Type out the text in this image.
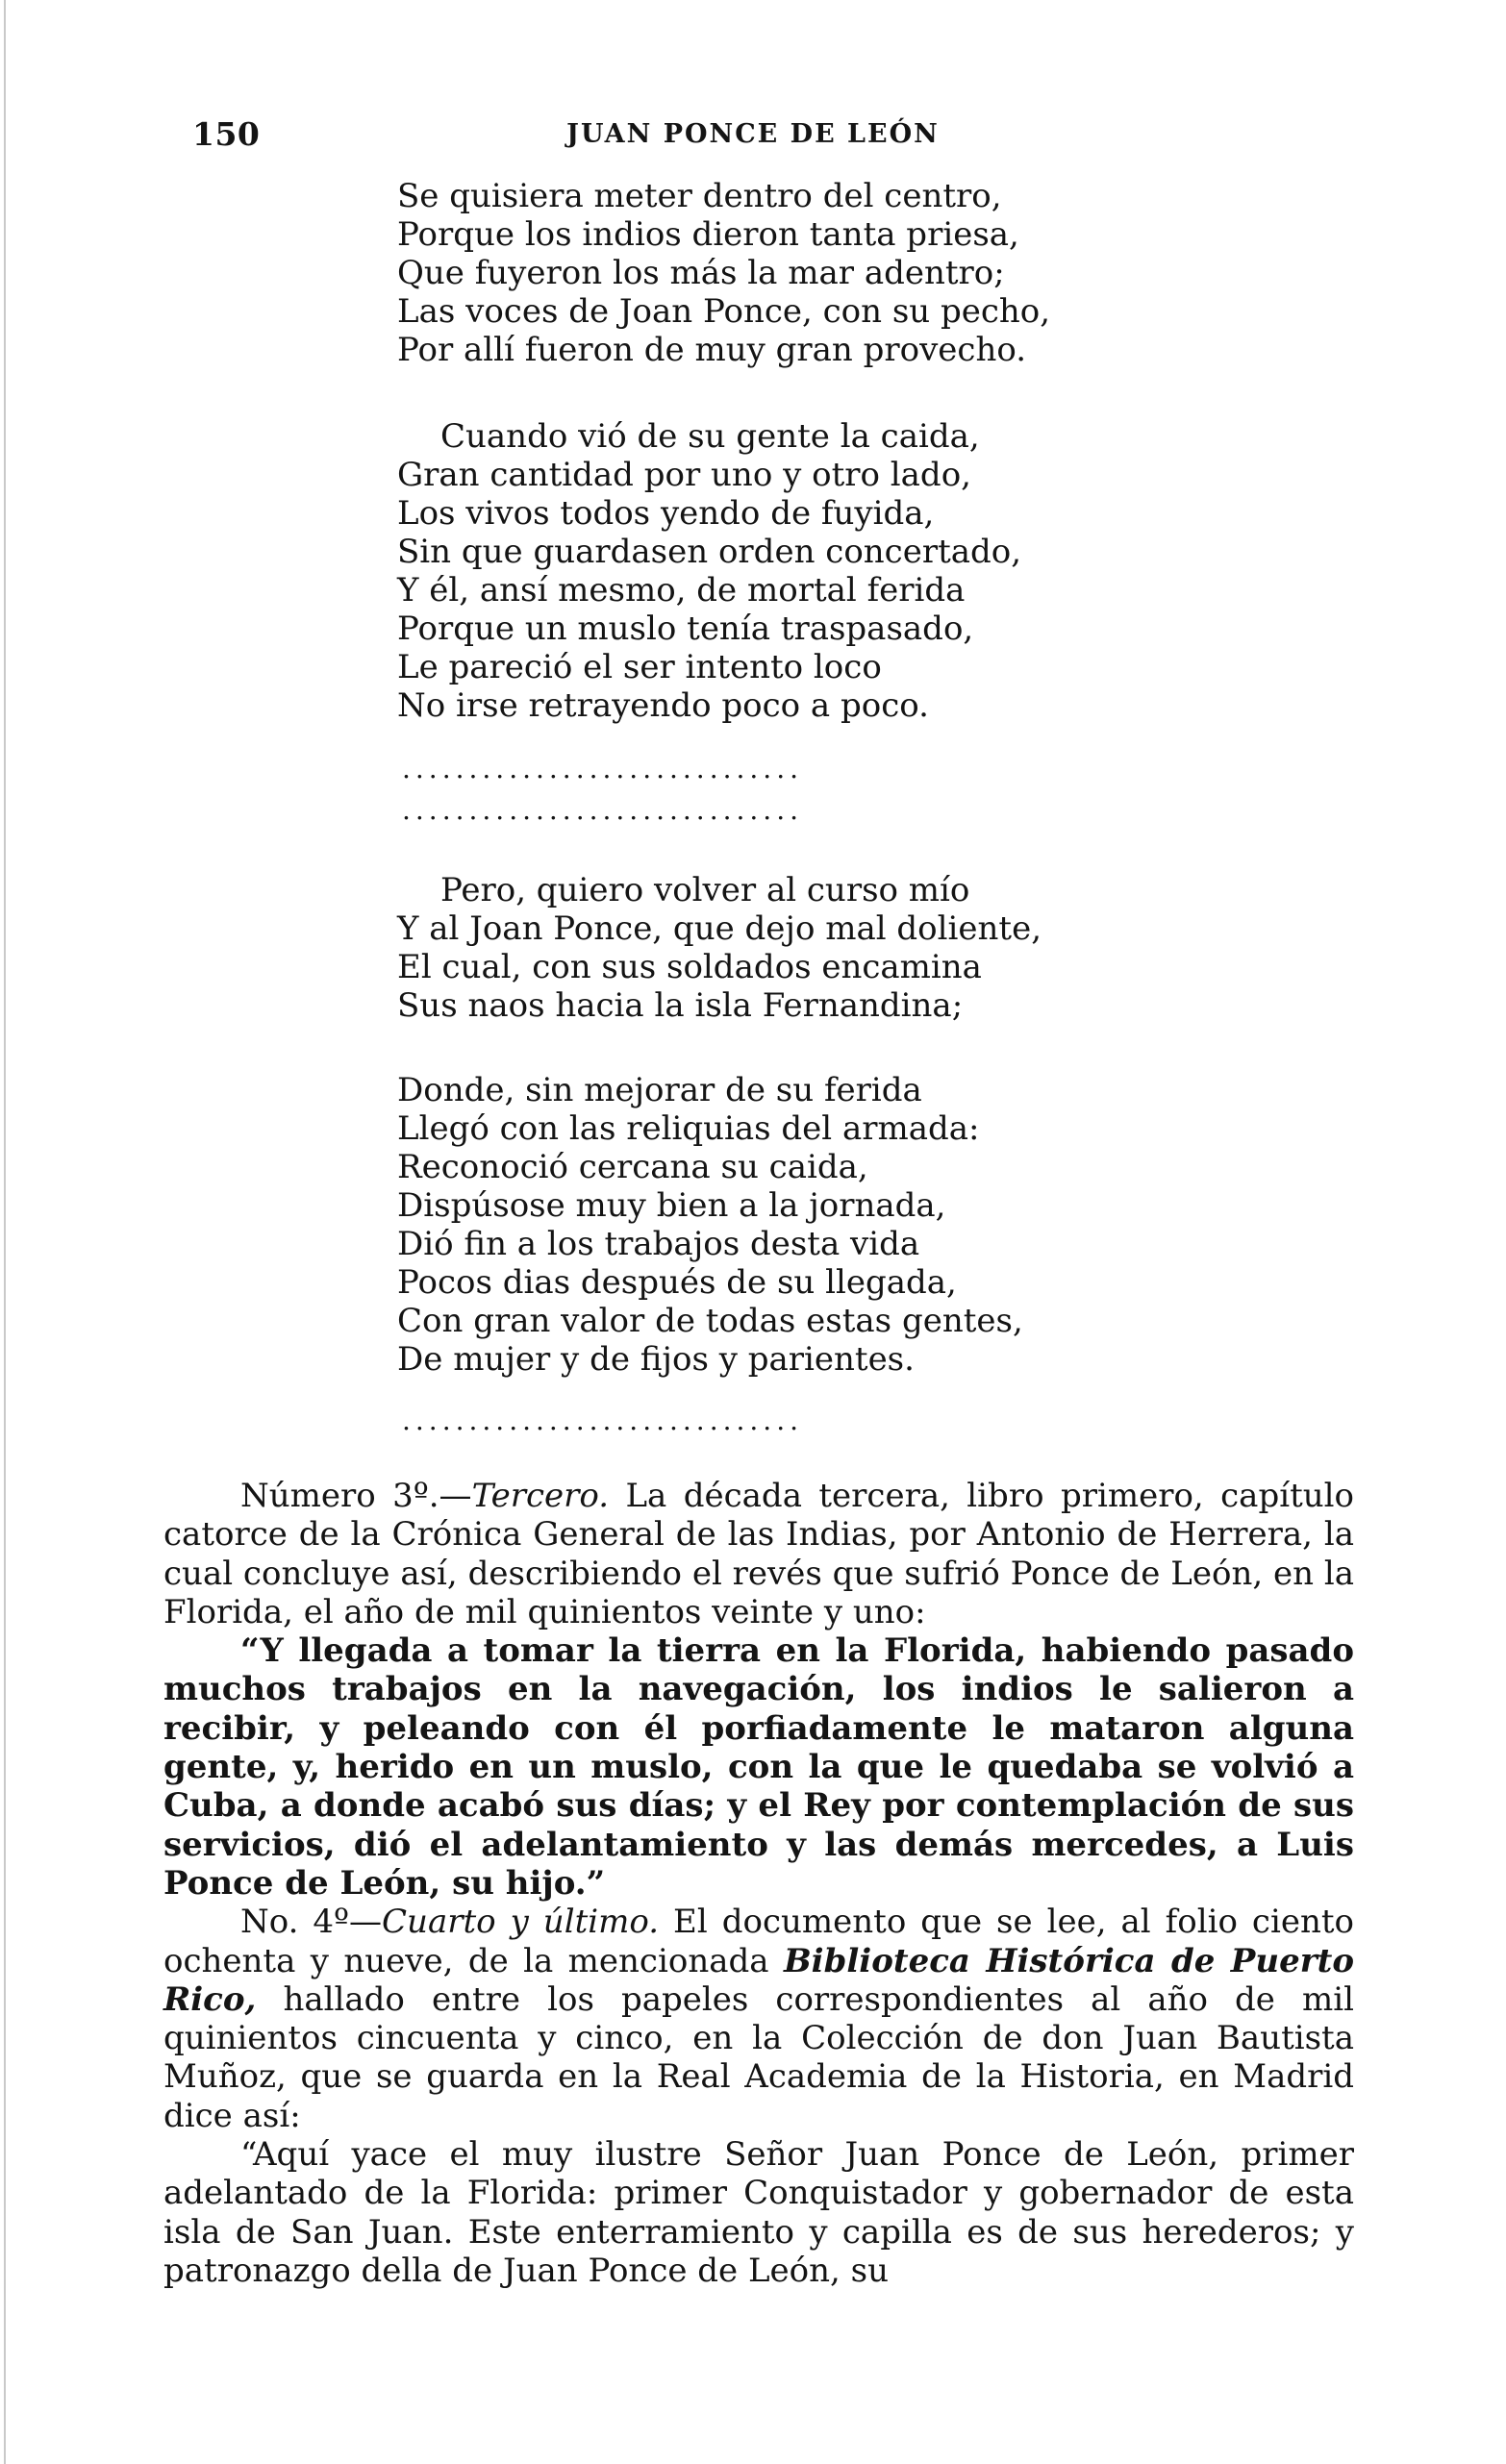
150	JUAN PONCE DE LEÓN
Se quisiera meter dentro del centro,
Porque los indios dieron tanta priesa,
Que fuyeron los más la mar adentro;
Las voces de Joan Ponce, con su pecho,
Por allí fueron de muy gran provecho.
Cuando vió de su gente la caida,
Gran cantidad por uno y otro lado,
Los vivos todos yendo de fuyida,
Sin que guardasen orden concertado,
Y él, ansí mesmo, de mortal ferida
Porque un muslo tenía traspasado,
Le pareció el ser intento loco
No irse retrayendo poco a poco.
..............................
..............................
Pero, quiero volver al curso mío
Y al Joan Ponce, que dejo mal doliente,
El cual, con sus soldados encamina
Sus naos hacia la isla Fernandina;
Donde, sin mejorar de su ferida
Llegó con las reliquias del armada:
Reconoció cercana su caida,
Dispúsose muy bien a la jornada,
Dió fin a los trabajos desta vida
Pocos dias después de su llegada,
Con gran valor de todas estas gentes,
De mujer y de fijos y parientes.
..............................

Número 3º.—Tercero. La década tercera, libro primero, capítulo catorce de la Crónica General de las Indias, por Antonio de Herrera, la cual concluye así, describiendo el revés que sufrió Ponce de León, en la Florida, el año de mil quinientos veinte y uno:

“Y llegada a tomar la tierra en la Florida, habiendo pasado muchos trabajos en la navegación, los indios le salieron a recibir, y peleando con él porfiadamente le mataron alguna gente, y, herido en un muslo, con la que le quedaba se volvió a Cuba, a donde acabó sus días; y el Rey por contemplación de sus servicios, dió el adelantamiento y las demás mercedes, a Luis Ponce de León, su hijo.”

No. 4º—Cuarto y último. El documento que se lee, al folio ciento ochenta y nueve, de la mencionada Biblioteca Histórica de Puerto Rico, hallado entre los papeles correspondientes al año de mil quinientos cincuenta y cinco, en la Colección de don Juan Bautista Muñoz, que se guarda en la Real Academia de la Historia, en Madrid dice así:

“Aquí yace el muy ilustre Señor Juan Ponce de León, primer adelantado de la Florida: primer Conquistador y gobernador de esta isla de San Juan. Este enterramiento y capilla es de sus herederos; y patronazgo della de Juan Ponce de León, su
